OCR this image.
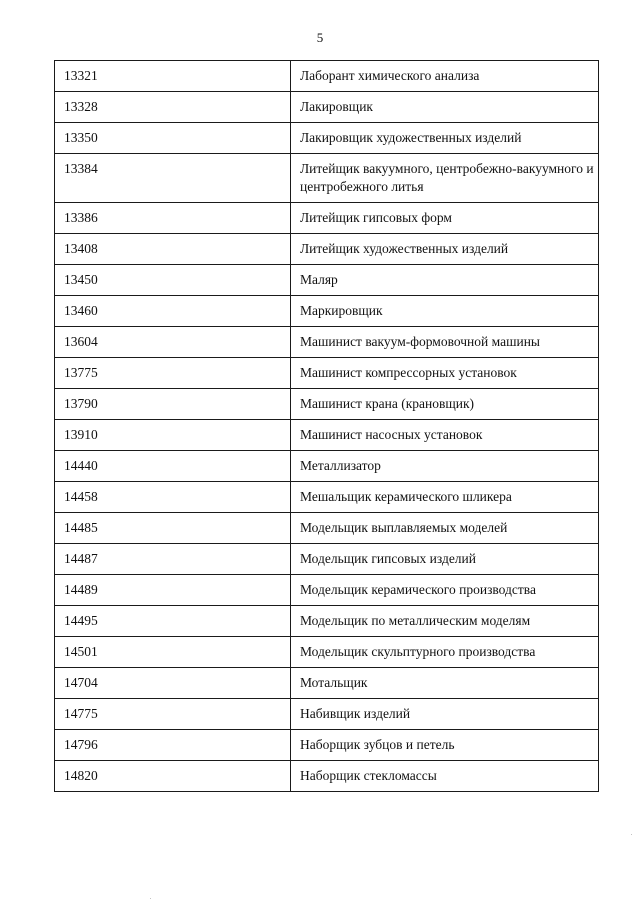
5
13321	Лаборант химического анализа
13328	Лакировщик
13350	Лакировщик художественных изделий
13384	Литейщик вакуумного, центробежно-вакуумного и центробежного литья
13386	Литейщик гипсовых форм
13408	Литейщик художественных изделий
13450	Маляр
13460	Маркировщик
13604	Машинист вакуум-формовочной машины
13775	Машинист компрессорных установок
13790	Машинист крана (крановщик)
13910	Машинист насосных установок
14440	Металлизатор
14458	Мешальщик керамического шликера
14485	Модельщик выплавляемых моделей
14487	Модельщик гипсовых изделий
14489	Модельщик керамического производства
14495	Модельщик по металлическим моделям
14501	Модельщик скульптурного производства
14704	Мотальщик
14775	Набивщик изделий
14796	Наборщик зубцов и петель
14820	Наборщик стекломассы
